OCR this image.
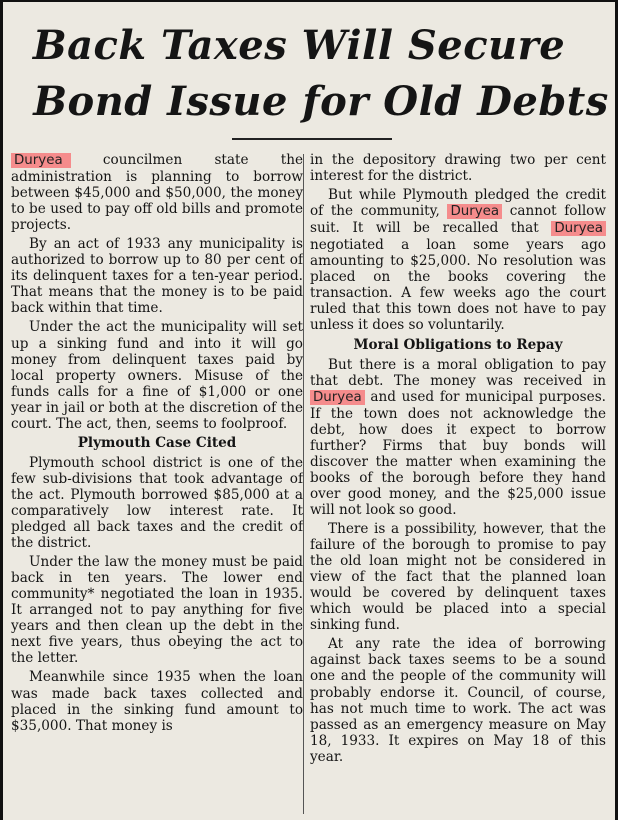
Back Taxes Will Secure
Bond Issue for Old Debts

Duryea councilmen state the administration is planning to borrow between $45,000 and $50,000, the money to be used to pay off old bills and promote projects.

By an act of 1933 any municipality is authorized to borrow up to 80 per cent of its delinquent taxes for a ten-year period. That means that the money is to be paid back within that time.

Under the act the municipality will set up a sinking fund and into it will go money from delinquent taxes paid by local property owners. Misuse of the funds calls for a fine of $1,000 or one year in jail or both at the discretion of the court. The act, then, seems to foolproof.

Plymouth Case Cited

Plymouth school district is one of the few sub-divisions that took advantage of the act. Plymouth borrowed $85,000 at a comparatively low interest rate. It pledged all back taxes and the credit of the district.

Under the law the money must be paid back in ten years. The lower end community* negotiated the loan in 1935. It arranged not to pay anything for five years and then clean up the debt in the next five years, thus obeying the act to the letter.

Meanwhile since 1935 when the loan was made back taxes collected and placed in the sinking fund amount to $35,000. That money is

in the depository drawing two per cent interest for the district.

But while Plymouth pledged the credit of the community, Duryea cannot follow suit. It will be recalled that Duryea negotiated a loan some years ago amounting to $25,000. No resolution was placed on the books covering the transaction. A few weeks ago the court ruled that this town does not have to pay unless it does so voluntarily.

Moral Obligations to Repay

But there is a moral obligation to pay that debt. The money was received in Duryea and used for municipal purposes. If the town does not acknowledge the debt, how does it expect to borrow further? Firms that buy bonds will discover the matter when examining the books of the borough before they hand over good money, and the $25,000 issue will not look so good.

There is a possibility, however, that the failure of the borough to promise to pay the old loan might not be considered in view of the fact that the planned loan would be covered by delinquent taxes which would be placed into a special sinking fund.

At any rate the idea of borrowing against back taxes seems to be a sound one and the people of the community will probably endorse it. Council, of course, has not much time to work. The act was passed as an emergency measure on May 18, 1933. It expires on May 18 of this year.
